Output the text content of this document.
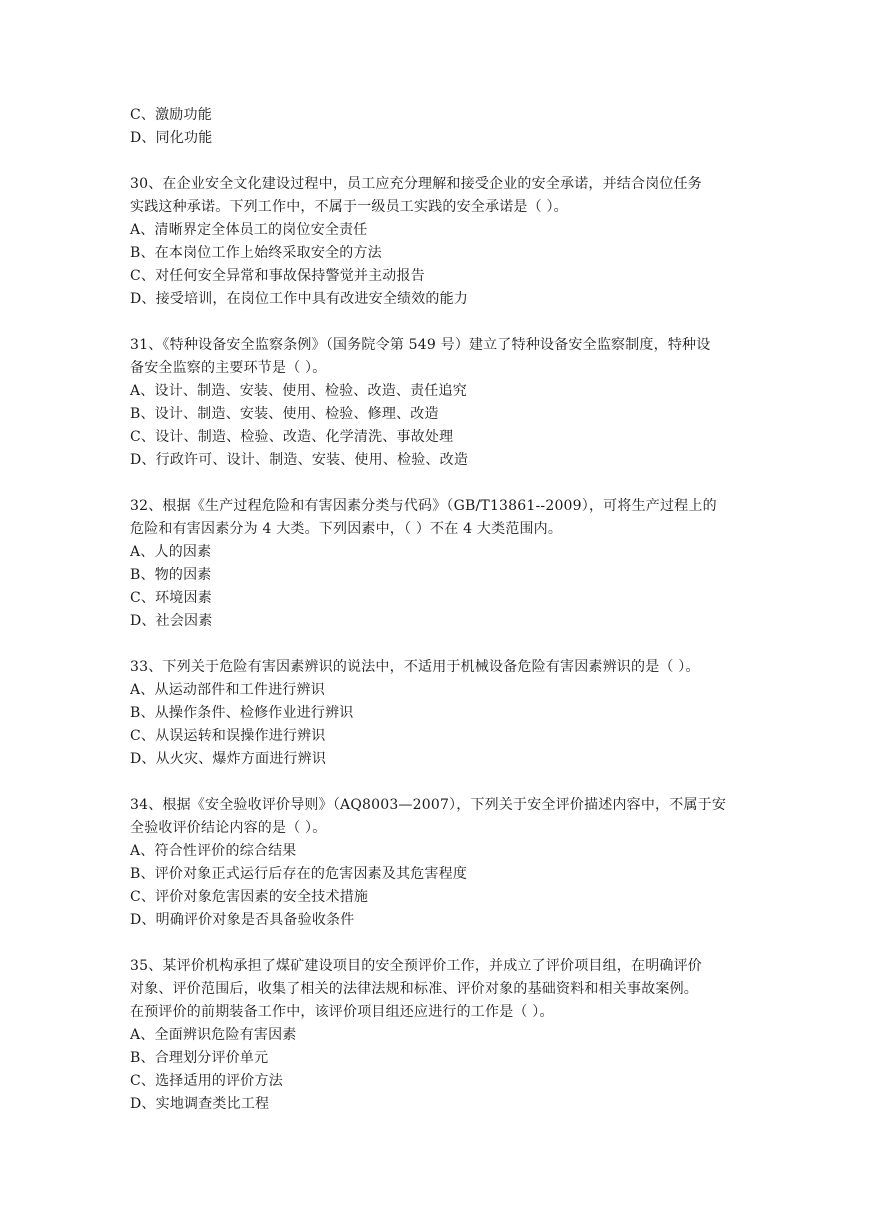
C、激励功能
D、同化功能
30、在企业安全文化建设过程中，员工应充分理解和接受企业的安全承诺，并结合岗位任务
实践这种承诺。下列工作中，不属于一级员工实践的安全承诺是（ ）。
A、清晰界定全体员工的岗位安全责任
B、在本岗位工作上始终采取安全的方法
C、对任何安全异常和事故保持警觉并主动报告
D、接受培训，在岗位工作中具有改进安全绩效的能力
31、《特种设备安全监察条例》（国务院令第 549 号）建立了特种设备安全监察制度，特种设
备安全监察的主要环节是（ ）。
A、设计、制造、安装、使用、检验、改造、责任追究
B、设计、制造、安装、使用、检验、修理、改造
C、设计、制造、检验、改造、化学清洗、事故处理
D、行政许可、设计、制造、安装、使用、检验、改造
32、根据《生产过程危险和有害因素分类与代码》（GB/T13861--2009），可将生产过程上的
危险和有害因素分为 4 大类。下列因素中，（ ）不在 4 大类范围内。
A、人的因素
B、物的因素
C、环境因素
D、社会因素
33、下列关于危险有害因素辨识的说法中，不适用于机械设备危险有害因素辨识的是（ ）。
A、从运动部件和工件进行辨识
B、从操作条件、检修作业进行辨识
C、从误运转和误操作进行辨识
D、从火灾、爆炸方面进行辨识
34、根据《安全验收评价导则》（AQ8003—2007），下列关于安全评价描述内容中，不属于安
全验收评价结论内容的是（ ）。
A、符合性评价的综合结果
B、评价对象正式运行后存在的危害因素及其危害程度
C、评价对象危害因素的安全技术措施
D、明确评价对象是否具备验收条件
35、某评价机构承担了煤矿建设项目的安全预评价工作，并成立了评价项目组，在明确评价
对象、评价范围后，收集了相关的法律法规和标准、评价对象的基础资料和相关事故案例。
在预评价的前期装备工作中，该评价项目组还应进行的工作是（ ）。
A、全面辨识危险有害因素
B、合理划分评价单元
C、选择适用的评价方法
D、实地调查类比工程
